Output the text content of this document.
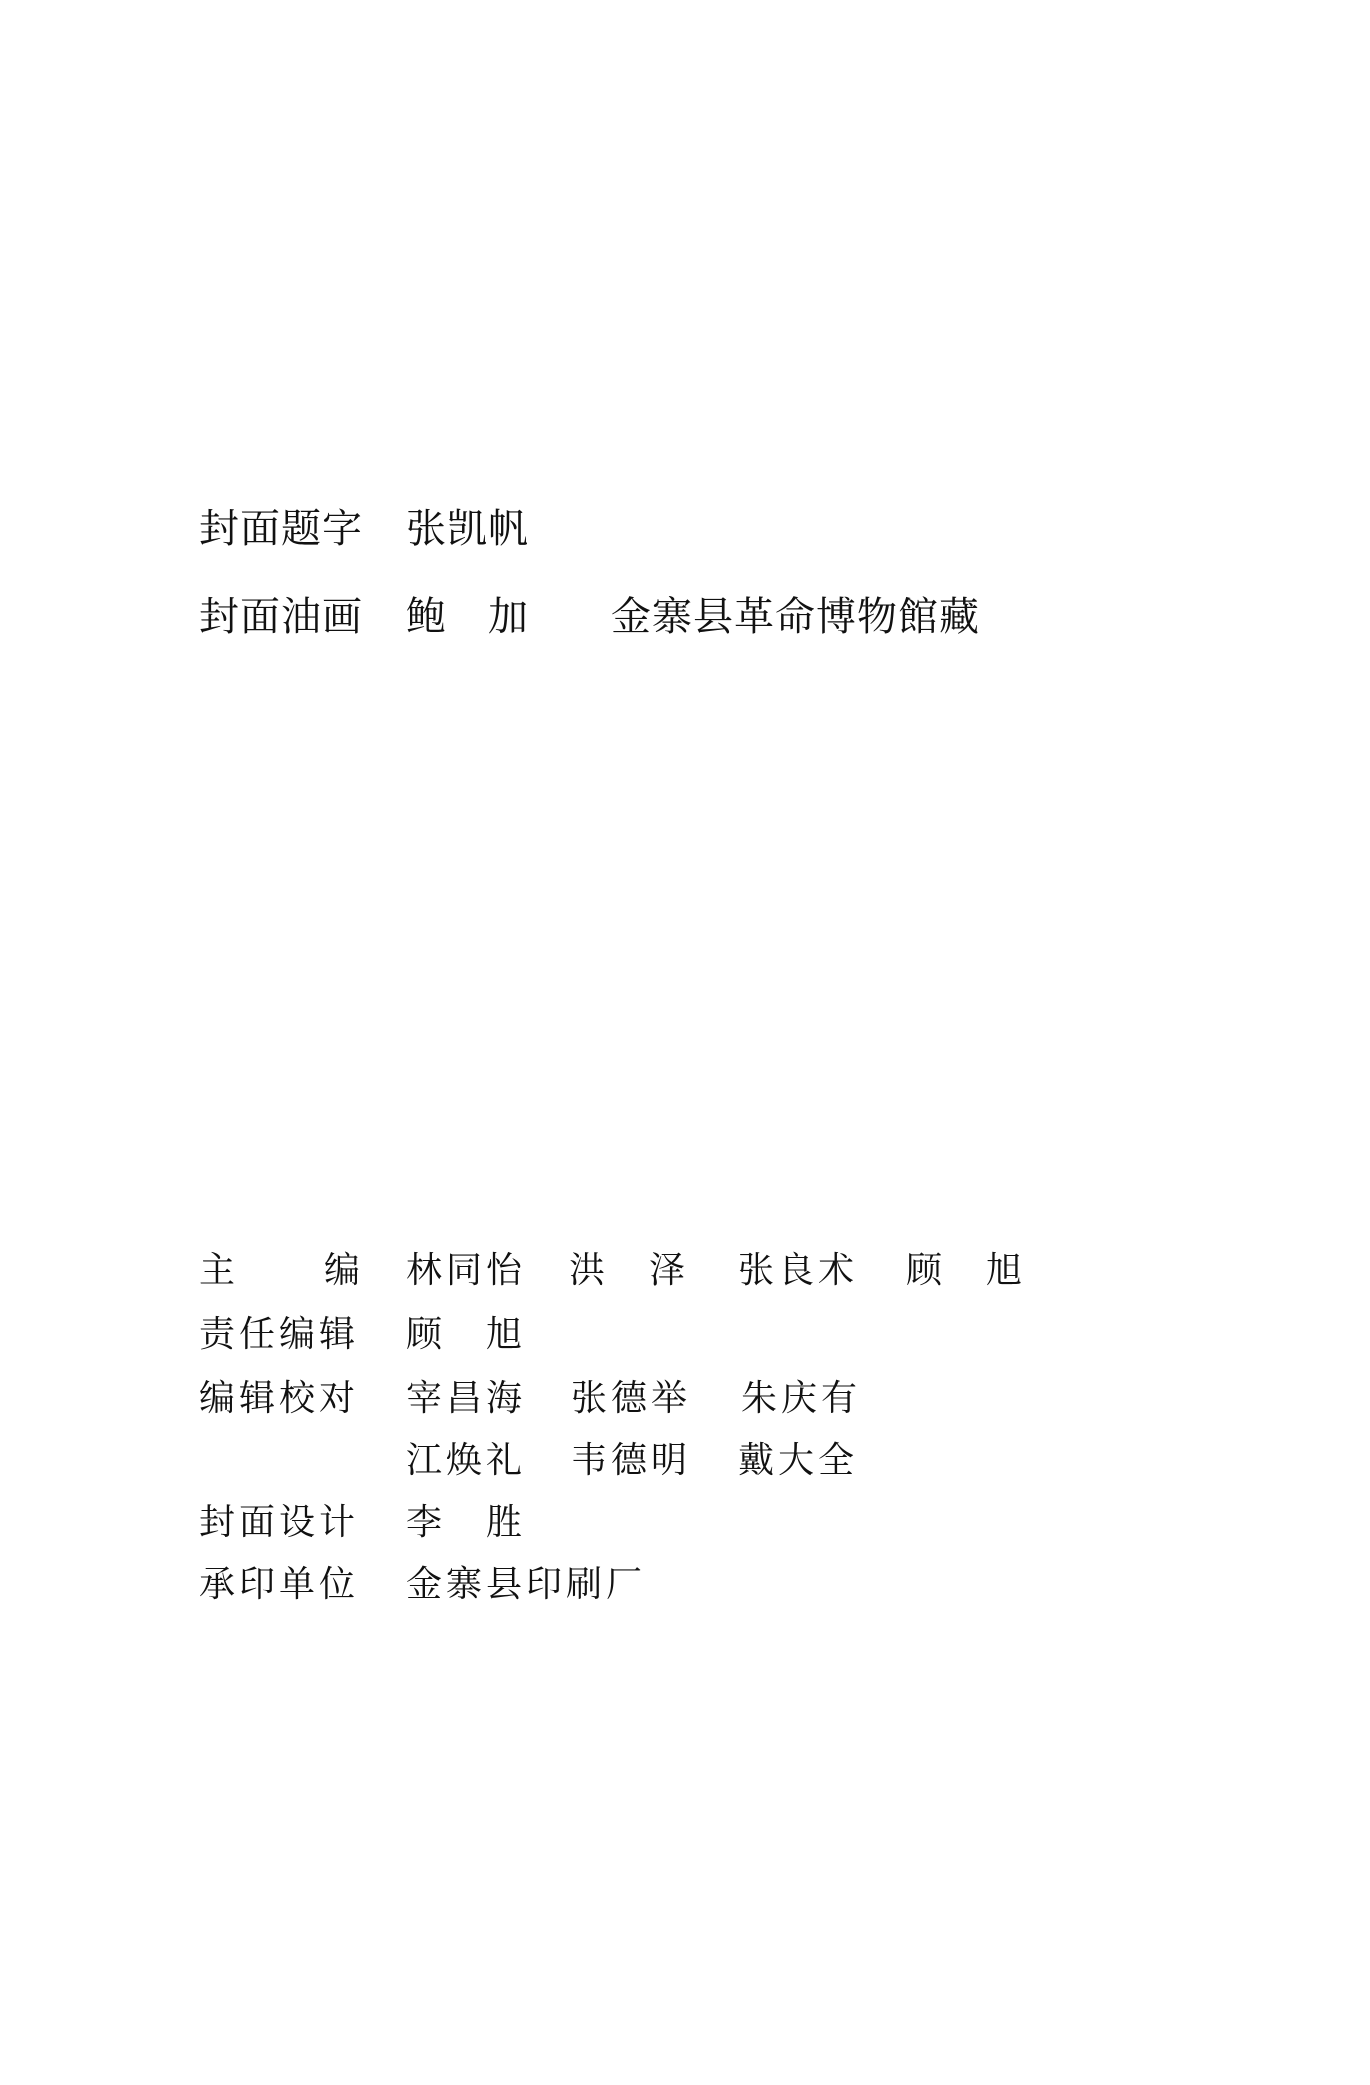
封面题字 张凯帆
封面油画 鲍　加 金寨县革命博物館藏
主 编 林同怡 洪　泽 张良术 顾　旭
责任编辑 顾　旭
编辑校对 宰昌海 张德举 朱庆有
江焕礼 韦德明 戴大全
封面设计 李　胜
承印单位 金寨县印刷厂
